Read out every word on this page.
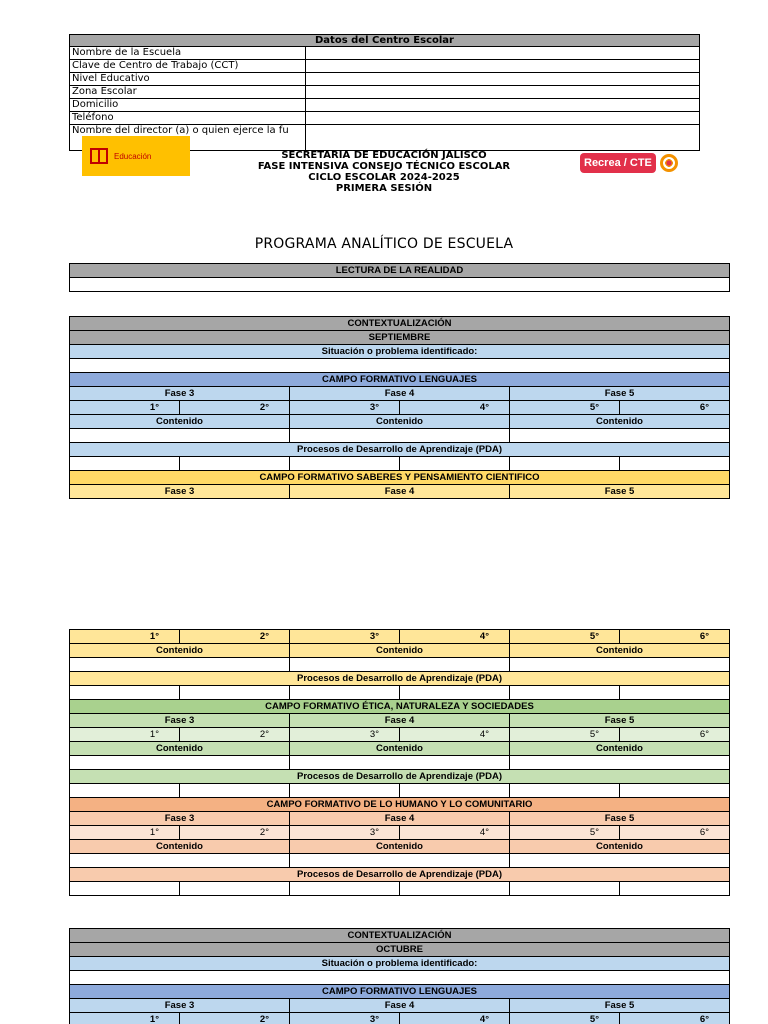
Datos del Centro Escolar
Nombre de la Escuela
Clave de Centro de Trabajo (CCT)
Nivel Educativo
Zona Escolar
Domicilio
Teléfono
Nombre del director (a) o quien ejerce la fu
Educación	SECRETARIA DE EDUCACIÓN JALISCO
FASE INTENSIVA CONSEJO TÉCNICO ESCOLAR
CICLO ESCOLAR 2024-2025
PRIMERA SESIÓN
Recrea / CTE
PROGRAMA ANALÍTICO DE ESCUELA
LECTURA DE LA REALIDAD
CONTEXTUALIZACIÓN
SEPTIEMBRE
Situación o problema identificado:
CAMPO FORMATIVO LENGUAJES
Fase 3	Fase 4	Fase 5
1°	2°	3°	4°	5°	6°
Contenido	Contenido	Contenido
Procesos de Desarrollo de Aprendizaje (PDA)
CAMPO FORMATIVO SABERES Y PENSAMIENTO CIENTIFICO
Fase 3	Fase 4	Fase 5
1°	2°	3°	4°	5°	6°
Contenido	Contenido	Contenido
Procesos de Desarrollo de Aprendizaje (PDA)
CAMPO FORMATIVO ÉTICA, NATURALEZA Y SOCIEDADES
Fase 3	Fase 4	Fase 5
1°	2°	3°	4°	5°	6°
Contenido	Contenido	Contenido
Procesos de Desarrollo de Aprendizaje (PDA)
CAMPO FORMATIVO DE LO HUMANO Y LO COMUNITARIO
Fase 3	Fase 4	Fase 5
1°	2°	3°	4°	5°	6°
Contenido	Contenido	Contenido
Procesos de Desarrollo de Aprendizaje (PDA)
CONTEXTUALIZACIÓN
OCTUBRE
Situación o problema identificado:
CAMPO FORMATIVO LENGUAJES
Fase 3	Fase 4	Fase 5
1°	2°	3°	4°	5°	6°
